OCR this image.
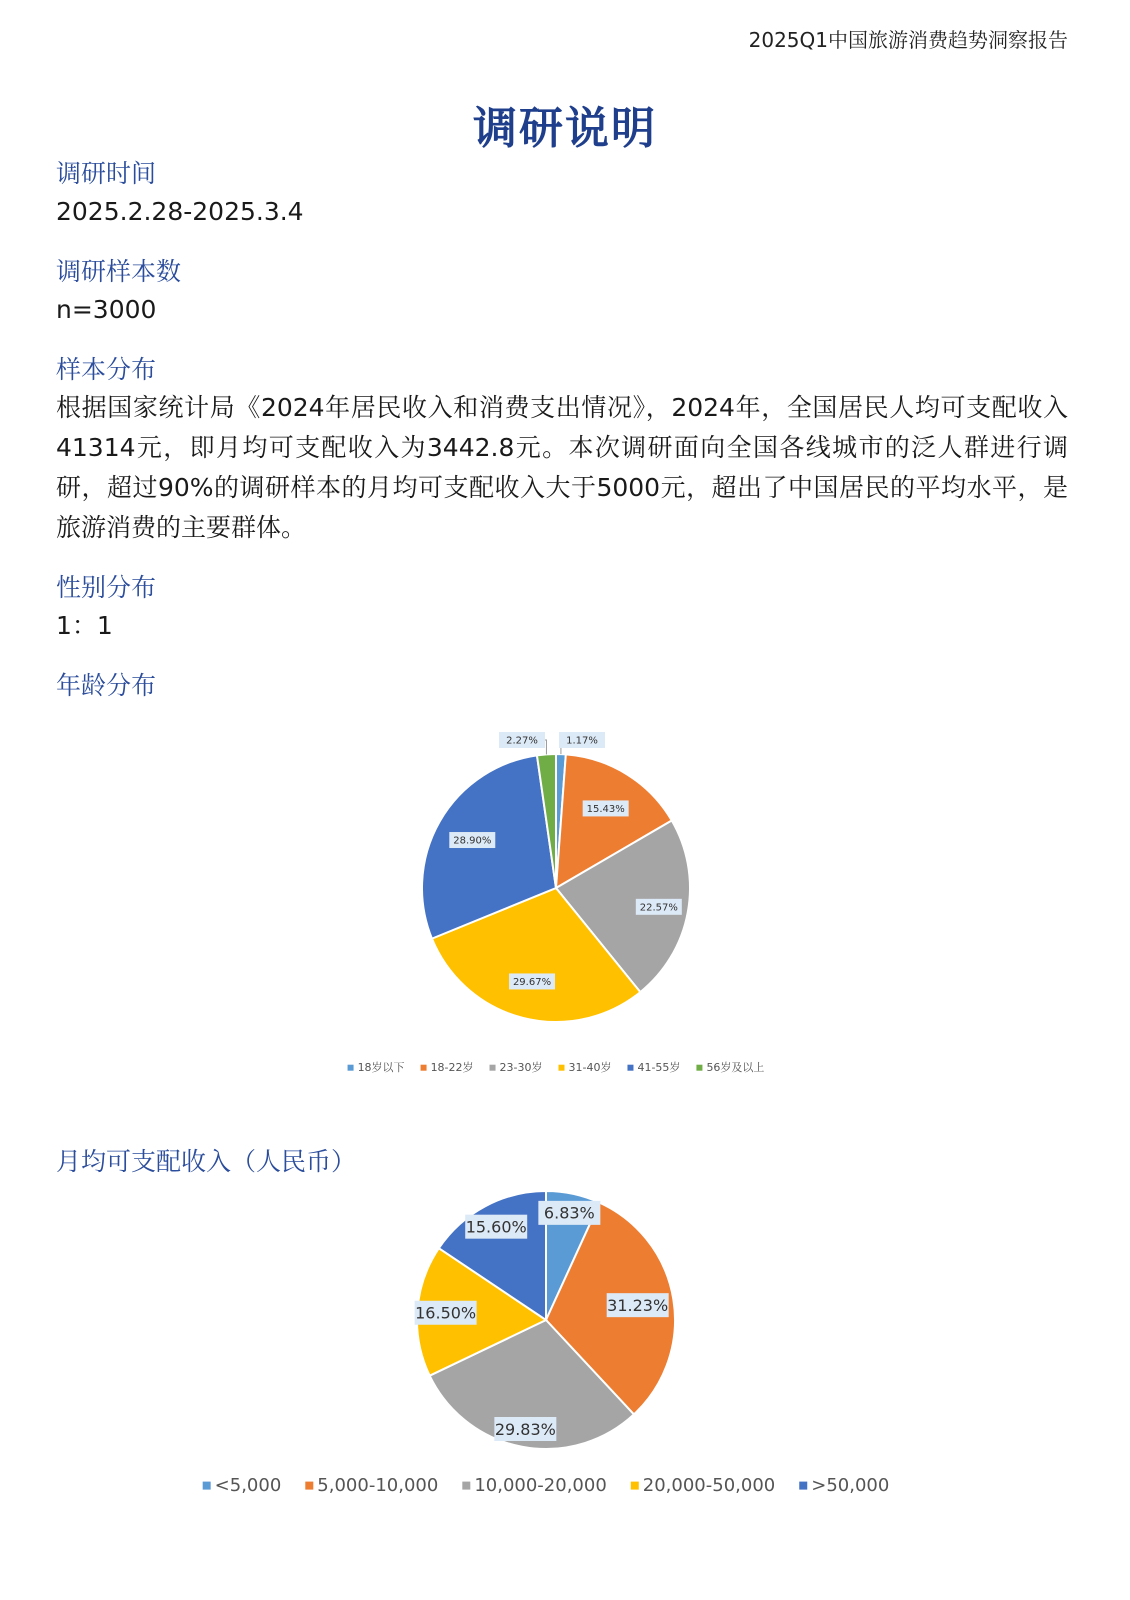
2025Q1中国旅游消费趋势洞察报告
调研说明
调研时间
2025.2.28-2025.3.4
调研样本数
n=3000
样本分布
根据国家统计局《2024年居民收入和消费支出情况》，2024年，全国居民人均可支配收入41314元，即月均可支配收入为3442.8元。本次调研面向全国各线城市的泛人群进行调研，超过90%的调研样本的月均可支配收入大于5000元，超出了中国居民的平均水平，是旅游消费的主要群体。
性别分布
1：1
年龄分布
1.17%
15.43%
22.57%
29.67%
28.90%
2.27%
18岁以下 18-22岁 23-30岁 31-40岁 41-55岁 56岁及以上
月均可支配收入（人民币）
6.83%
31.23%
29.83%
16.50%
15.60%
<5,000 5,000-10,000 10,000-20,000 20,000-50,000 >50,000
